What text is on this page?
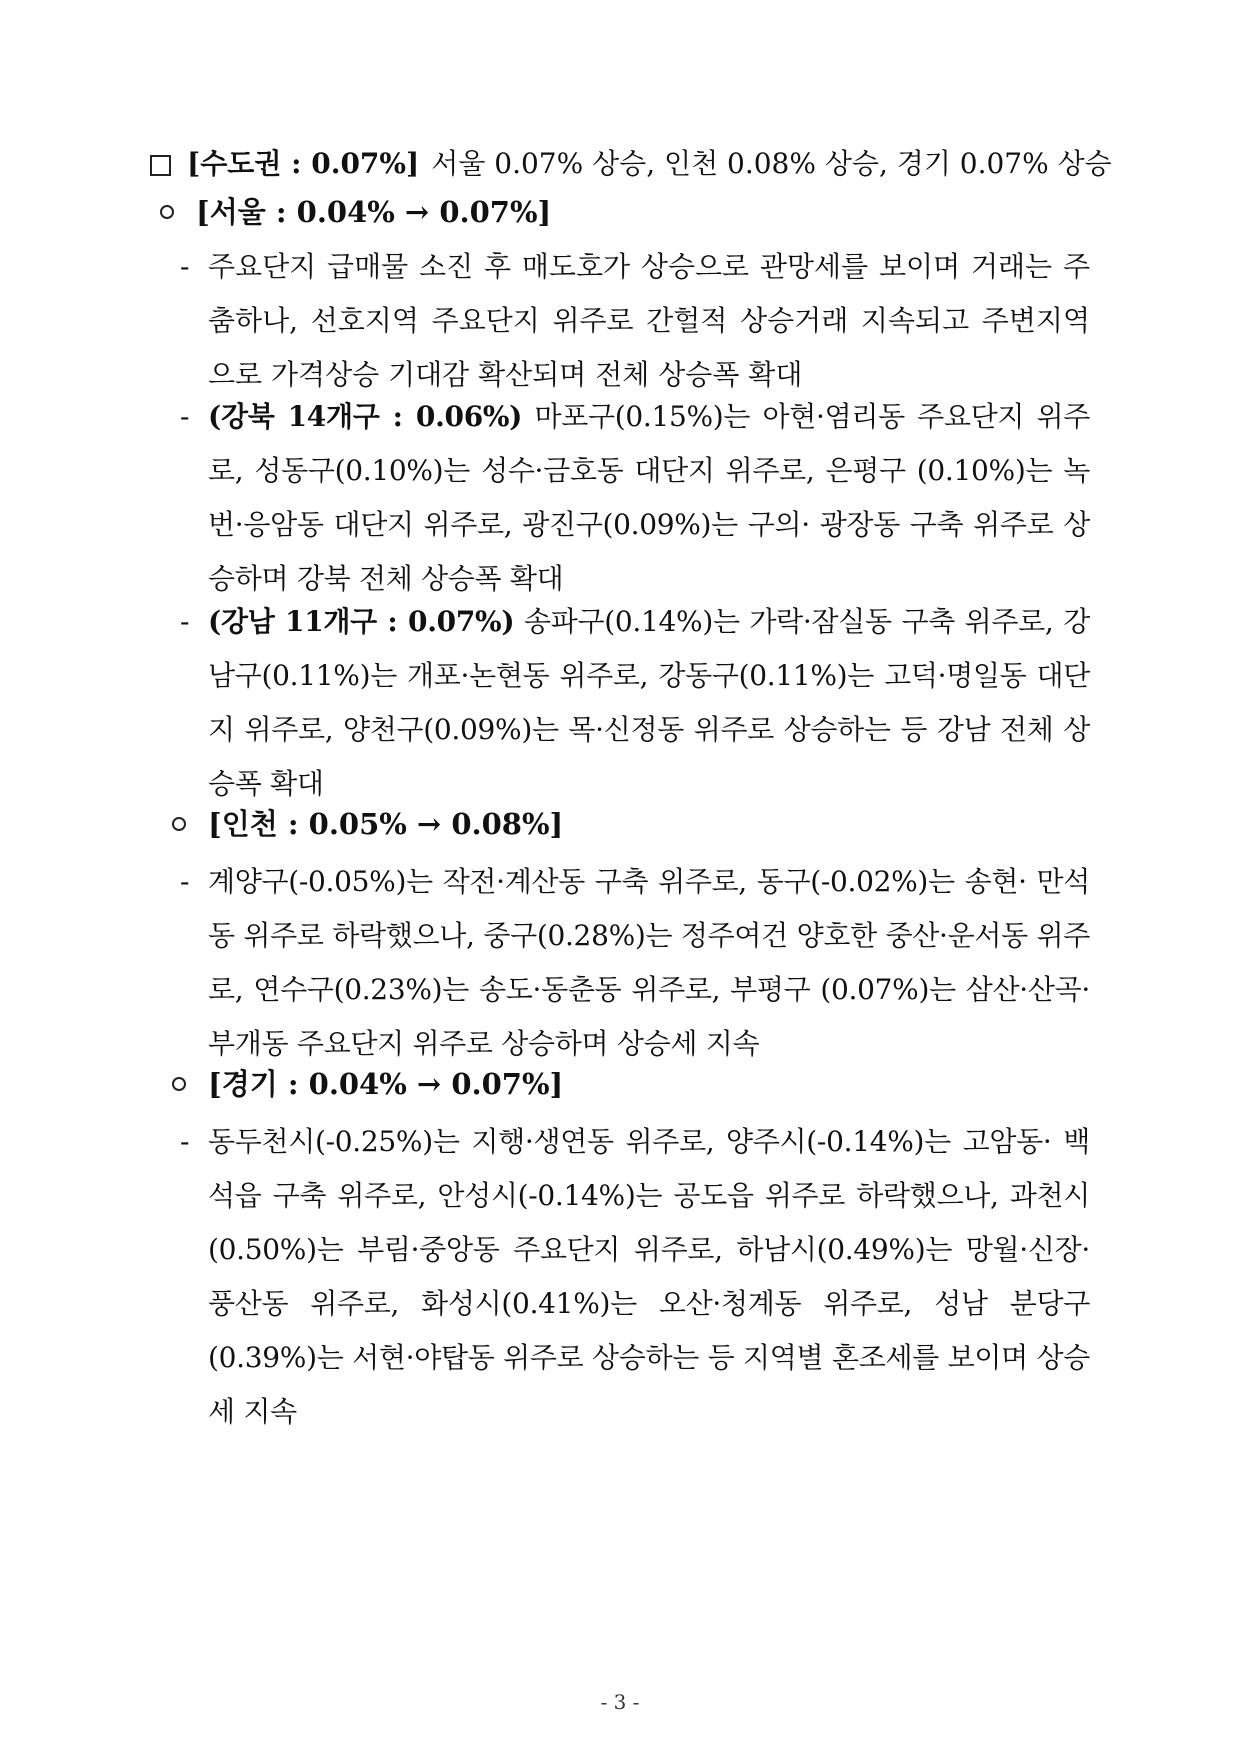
[수도권 : 0.07%] 서울 0.07% 상승, 인천 0.08% 상승, 경기 0.07% 상승
[서울 : 0.04% → 0.07%]
- 주요단지 급매물 소진 후 매도호가 상승으로 관망세를 보이며 거래는 주춤하나, 선호지역 주요단지 위주로 간헐적 상승거래 지속되고 주변지역으로 가격상승 기대감 확산되며 전체 상승폭 확대
- (강북 14개구 : 0.06%) 마포구(0.15%)는 아현·염리동 주요단지 위주로, 성동구(0.10%)는 성수·금호동 대단지 위주로, 은평구 (0.10%)는 녹번·응암동 대단지 위주로, 광진구(0.09%)는 구의· 광장동 구축 위주로 상승하며 강북 전체 상승폭 확대
- (강남 11개구 : 0.07%) 송파구(0.14%)는 가락·잠실동 구축 위주로, 강남구(0.11%)는 개포·논현동 위주로, 강동구(0.11%)는 고덕·명일동 대단지 위주로, 양천구(0.09%)는 목·신정동 위주로 상승하는 등 강남 전체 상승폭 확대
[인천 : 0.05% → 0.08%]
- 계양구(-0.05%)는 작전·계산동 구축 위주로, 동구(-0.02%)는 송현· 만석동 위주로 하락했으나, 중구(0.28%)는 정주여건 양호한 중산·운서동 위주로, 연수구(0.23%)는 송도·동춘동 위주로, 부평구 (0.07%)는 삼산·산곡·부개동 주요단지 위주로 상승하며 상승세 지속
[경기 : 0.04% → 0.07%]
- 동두천시(-0.25%)는 지행·생연동 위주로, 양주시(-0.14%)는 고암동· 백석읍 구축 위주로, 안성시(-0.14%)는 공도읍 위주로 하락했으나, 과천시(0.50%)는 부림·중앙동 주요단지 위주로, 하남시(0.49%)는 망월·신장·풍산동 위주로, 화성시(0.41%)는 오산·청계동 위주로, 성남 분당구(0.39%)는 서현·야탑동 위주로 상승하는 등 지역별 혼조세를 보이며 상승세 지속
- 3 -
